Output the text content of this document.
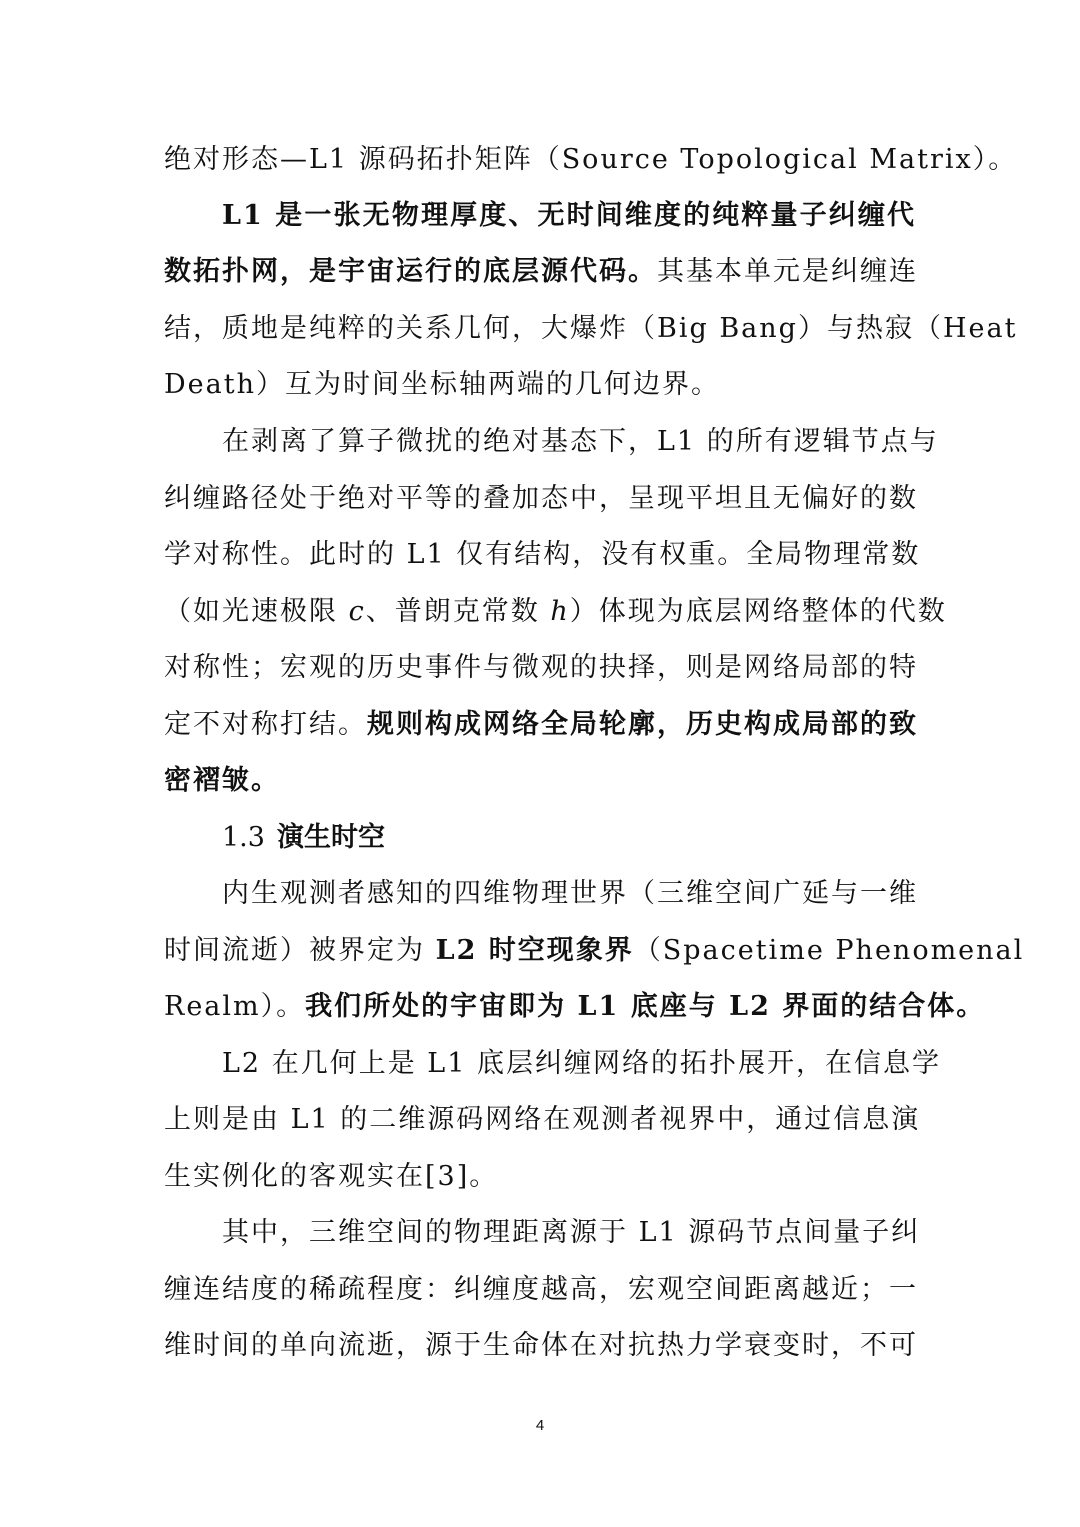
绝对形态—L1 源码拓扑矩阵（Source Topological Matrix）。
L1 是一张无物理厚度、无时间维度的纯粹量子纠缠代
数拓扑网，是宇宙运行的底层源代码。其基本单元是纠缠连
结，质地是纯粹的关系几何，大爆炸（Big Bang）与热寂（Heat
Death）互为时间坐标轴两端的几何边界。
在剥离了算子微扰的绝对基态下，L1 的所有逻辑节点与
纠缠路径处于绝对平等的叠加态中，呈现平坦且无偏好的数
学对称性。此时的 L1 仅有结构，没有权重。全局物理常数
（如光速极限 c、普朗克常数 h）体现为底层网络整体的代数
对称性；宏观的历史事件与微观的抉择，则是网络局部的特
定不对称打结。规则构成网络全局轮廓，历史构成局部的致
密褶皱。
1.3 演生时空
内生观测者感知的四维物理世界（三维空间广延与一维
时间流逝）被界定为 L2 时空现象界（Spacetime Phenomenal
Realm）。我们所处的宇宙即为 L1 底座与 L2 界面的结合体。
L2 在几何上是 L1 底层纠缠网络的拓扑展开，在信息学
上则是由 L1 的二维源码网络在观测者视界中，通过信息演
生实例化的客观实在[3]。
其中，三维空间的物理距离源于 L1 源码节点间量子纠
缠连结度的稀疏程度：纠缠度越高，宏观空间距离越近；一
维时间的单向流逝，源于生命体在对抗热力学衰变时，不可
4
